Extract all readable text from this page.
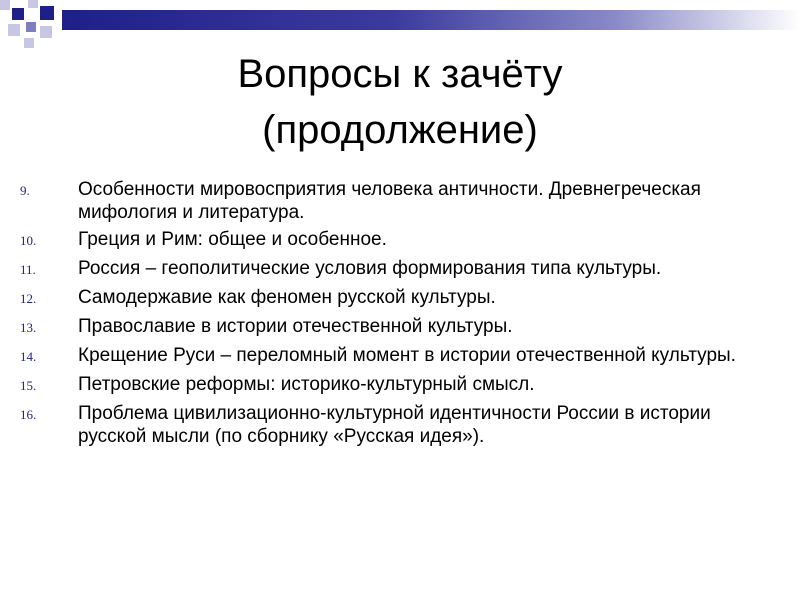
Вопросы к зачёту
(продолжение)
9.	Особенности мировосприятия человека античности. Древнегреческая мифология и литература.
10.	Греция и Рим: общее и особенное.
11.	Россия – геополитические условия формирования типа культуры.
12.	Самодержавие как феномен русской культуры.
13.	Православие в истории отечественной культуры.
14.	Крещение Руси – переломный момент в истории отечественной культуры.
15.	Петровские реформы: историко-культурный смысл.
16.	Проблема цивилизационно-культурной идентичности России в истории русской мысли (по сборнику «Русская идея»).
